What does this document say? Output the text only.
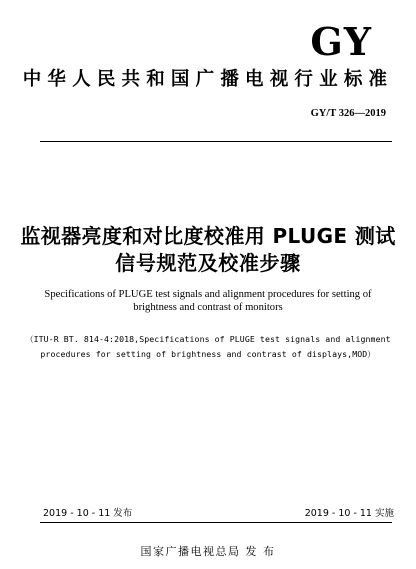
GY
中华人民共和国广播电视行业标准
GY/T 326—2019
监视器亮度和对比度校准用 PLUGE 测试
信号规范及校准步骤
Specifications of PLUGE test signals and alignment procedures for setting of
brightness and contrast of monitors
（ITU-R BT. 814-4:2018,Specifications of PLUGE test signals and alignment
procedures for setting of brightness and contrast of displays,MOD）
2019 - 10 - 11 发布	2019 - 10 - 11 实施
国家广播电视总局 发 布
